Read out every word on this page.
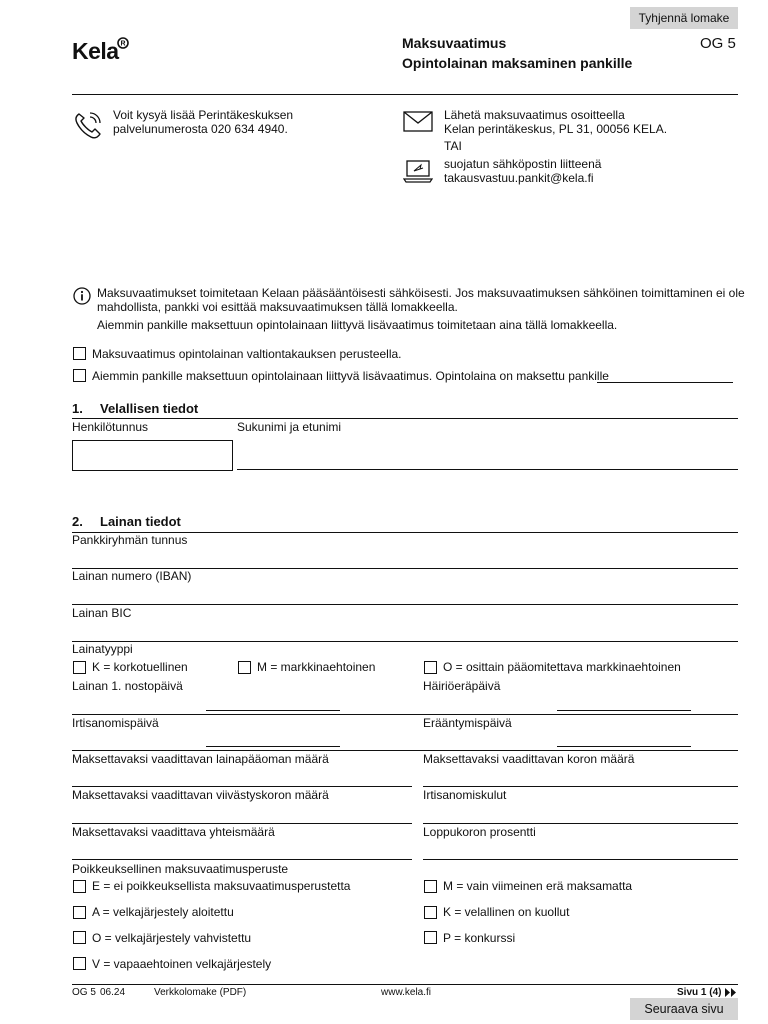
Tyhjennä lomake
Kela R	Maksuvaatimus
Opintolainan maksaminen pankille
OG 5
Voit kysyä lisää Perintäkeskuksen
palvelunumerosta 020 634 4940.
Lähetä maksuvaatimus osoitteella
Kelan perintäkeskus, PL 31, 00056 KELA.
TAI
suojatun sähköpostin liitteenä
takausvastuu.pankit@kela.fi
Maksuvaatimukset toimitetaan Kelaan pääsääntöisesti sähköisesti. Jos maksuvaatimuksen sähköinen toimittaminen ei ole
mahdollista, pankki voi esittää maksuvaatimuksen tällä lomakkeella.
Aiemmin pankille maksettuun opintolainaan liittyvä lisävaatimus toimitetaan aina tällä lomakkeella.
Maksuvaatimus opintolainan valtiontakauksen perusteella.
Aiemmin pankille maksettuun opintolainaan liittyvä lisävaatimus. Opintolaina on maksettu pankille
1. Velallisen tiedot
Henkilötunnus	Sukunimi ja etunimi
2. Lainan tiedot
Pankkiryhmän tunnus
Lainan numero (IBAN)
Lainan BIC
Lainatyyppi
K = korkotuellinen	M = markkinaehtoinen	O = osittain pääomitettava markkinaehtoinen
Lainan 1. nostopäivä	Häiriöeräpäivä
Irtisanomispäivä	Erääntymispäivä
Maksettavaksi vaadittavan lainapääoman määrä	Maksettavaksi vaadittavan koron määrä
Maksettavaksi vaadittavan viivästyskoron määrä	Irtisanomiskulut
Maksettavaksi vaadittava yhteismäärä	Loppukoron prosentti
Poikkeuksellinen maksuvaatimusperuste
E = ei poikkeuksellista maksuvaatimusperustetta	M = vain viimeinen erä maksamatta
A = velkajärjestely aloitettu	K = velallinen on kuollut
O = velkajärjestely vahvistettu	P = konkurssi
V = vapaaehtoinen velkajärjestely
OG 5 06.24	Verkkolomake (PDF)	www.kela.fi	Sivu 1 (4)
Seuraava sivu
